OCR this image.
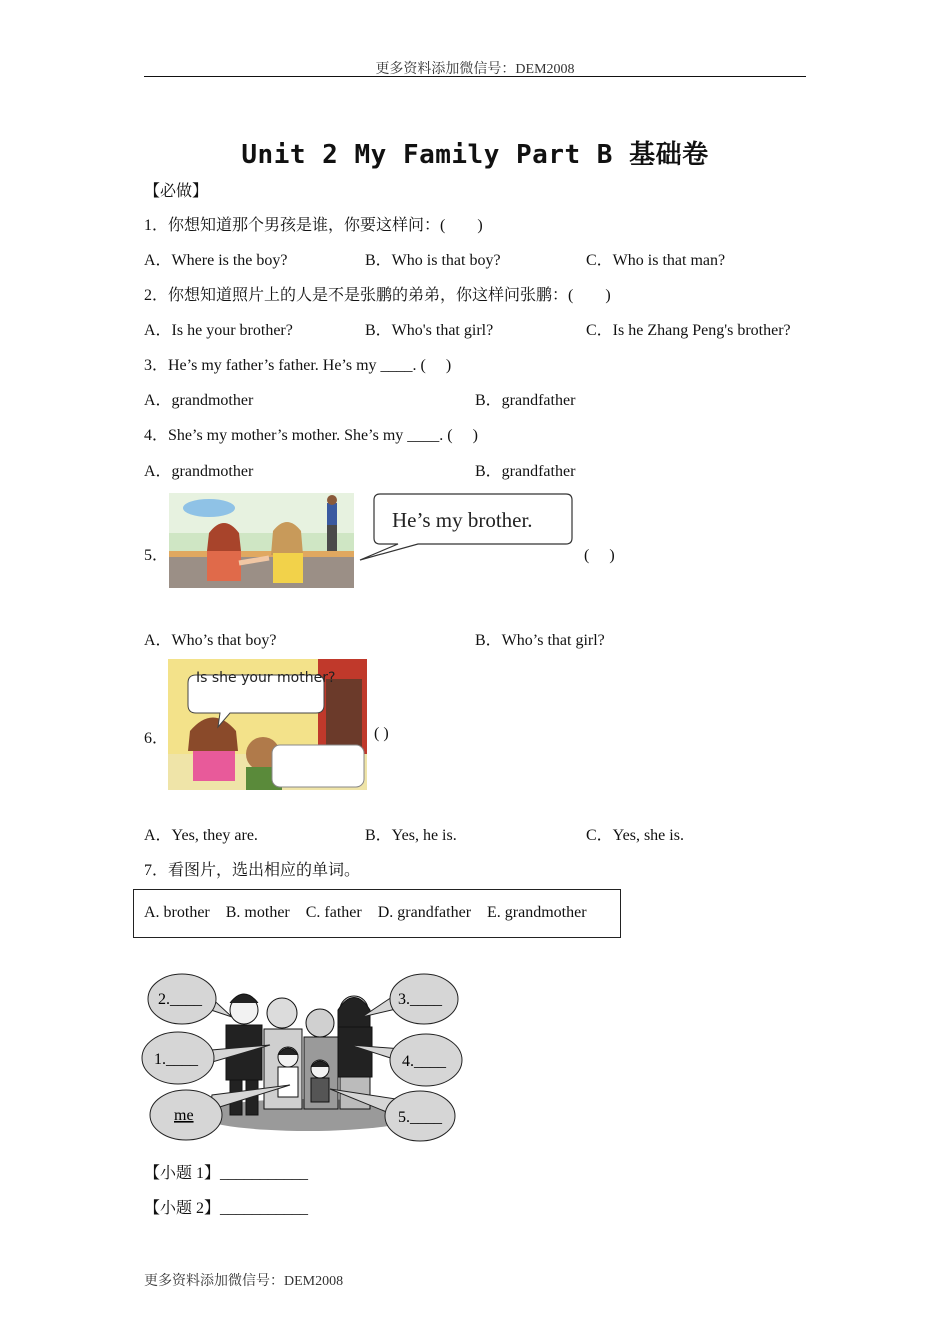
更多资料添加微信号：DEM2008
Unit 2 My Family Part B 基础卷
【必做】
1．你想知道那个男孩是谁，你要这样问：(　　)
A．Where is the boy?	B．Who is that boy?	C．Who is that man?
2．你想知道照片上的人是不是张鹏的弟弟，你这样问张鹏：(　　)
A．Is he your brother?	B．Who's that girl?	C．Is he Zhang Peng's brother?
3．He’s my father’s father. He’s my ____. (　 )
A．grandmother	B．grandfather
4．She’s my mother’s mother. She’s my ____. (　 )
A．grandmother	B．grandfather
5．
He’s my brother.
(　 )
A．Who’s that boy?	B．Who’s that girl?
6．
Is she your mother?
( )
A．Yes, they are.	B．Yes, he is.	C．Yes, she is.
7．看图片，选出相应的单词。
A. brother　B. mother　C. father　D. grandfather　E. grandmother
2.____
1.____
me
3.____
4.____
5.____
【小题 1】___________
【小题 2】___________
更多资料添加微信号：DEM2008
